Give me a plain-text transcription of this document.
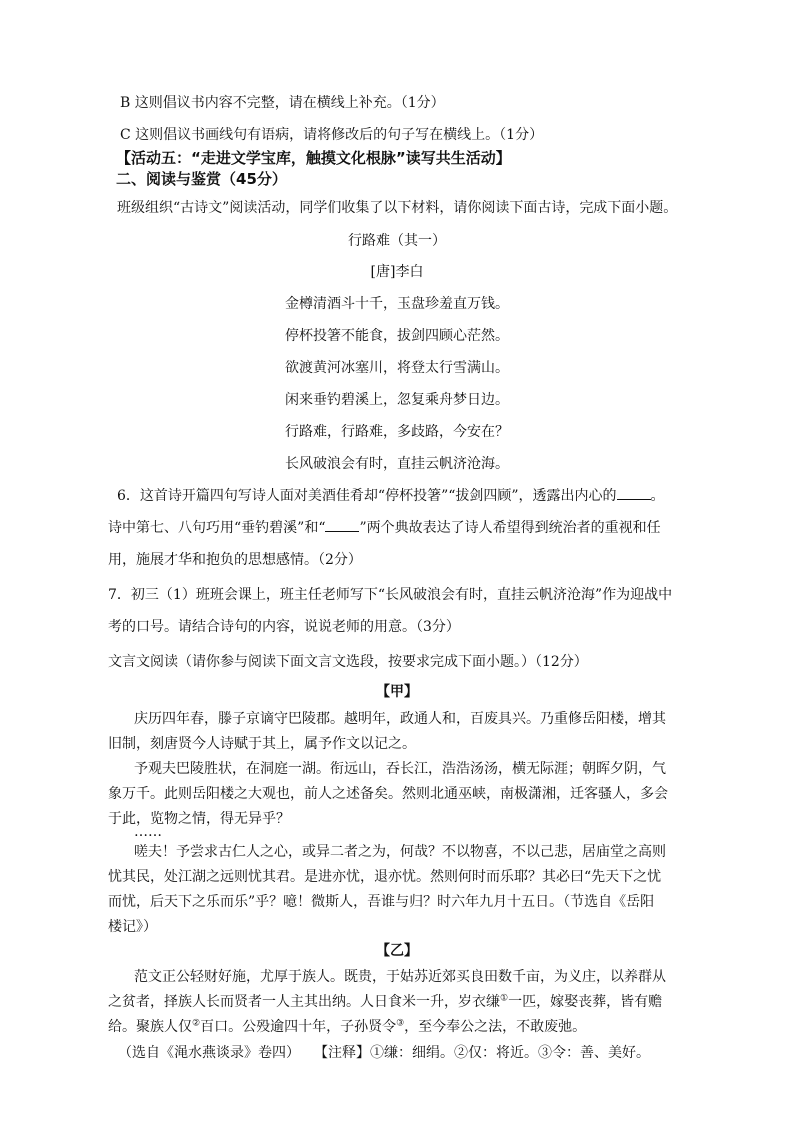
B 这则倡议书内容不完整，请在横线上补充。（1分）
C 这则倡议书画线句有语病，请将修改后的句子写在横线上。（1分）
【活动五：“走进文学宝库，触摸文化根脉”读写共生活动】
二、阅读与鉴赏（45分）
班级组织“古诗文”阅读活动，同学们收集了以下材料，请你阅读下面古诗，完成下面小题。
行路难（其一）
[唐]李白
金樽清酒斗十千，玉盘珍羞直万钱。
停杯投箸不能食，拔剑四顾心茫然。
欲渡黄河冰塞川，将登太行雪满山。
闲来垂钓碧溪上，忽复乘舟梦日边。
行路难，行路难，多歧路，今安在？
长风破浪会有时，直挂云帆济沧海。
6．这首诗开篇四句写诗人面对美酒佳肴却“停杯投箸”“拔剑四顾”，透露出内心的 。
诗中第七、八句巧用“垂钓碧溪”和“ ”两个典故表达了诗人希望得到统治者的重视和任
用，施展才华和抱负的思想感情。（2分）
7．初三（1）班班会课上，班主任老师写下“长风破浪会有时，直挂云帆济沧海”作为迎战中
考的口号。请结合诗句的内容，说说老师的用意。（3分）
文言文阅读（请你参与阅读下面文言文选段，按要求完成下面小题。）（12分）
【甲】
庆历四年春，滕子京谪守巴陵郡。越明年，政通人和，百废具兴。乃重修岳阳楼，增其
旧制，刻唐贤今人诗赋于其上，属予作文以记之。
予观夫巴陵胜状，在洞庭一湖。衔远山，吞长江，浩浩汤汤，横无际涯；朝晖夕阴，气
象万千。此则岳阳楼之大观也，前人之述备矣。然则北通巫峡，南极潇湘，迁客骚人，多会
于此，览物之情，得无异乎？
……
嗟夫！予尝求古仁人之心，或异二者之为，何哉？不以物喜，不以己悲，居庙堂之高则
忧其民，处江湖之远则忧其君。是进亦忧，退亦忧。然则何时而乐耶？其必曰“先天下之忧
而忧，后天下之乐而乐”乎？噫！微斯人，吾谁与归？时六年九月十五日。（节选自《岳阳
楼记》）
【乙】
范文正公轻财好施，尤厚于族人。既贵，于姑苏近郊买良田数千亩，为义庄，以养群从
之贫者，择族人长而贤者一人主其出纳。人日食米一升，岁衣缣①一匹，嫁娶丧葬，皆有赡
给。聚族人仅②百口。公殁逾四十年，子孙贤令③，至今奉公之法，不敢废弛。
（选自《渑水燕谈录》卷四） 【注释】①缣：细绢。②仅：将近。③令：善、美好。
